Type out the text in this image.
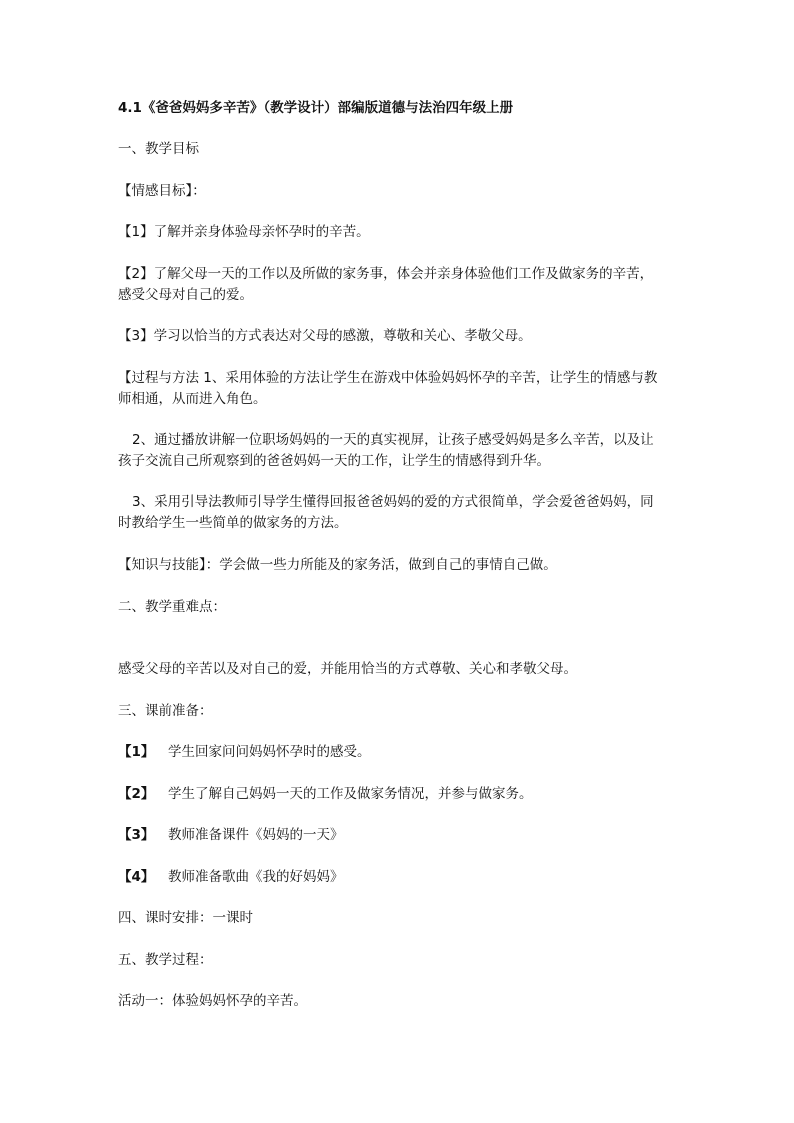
4.1《爸爸妈妈多辛苦》（教学设计）部编版道德与法治四年级上册
一、教学目标
【情感目标】：
【1】了解并亲身体验母亲怀孕时的辛苦。
【2】了解父母一天的工作以及所做的家务事，体会并亲身体验他们工作及做家务的辛苦，
感受父母对自己的爱。
【3】学习以恰当的方式表达对父母的感激，尊敬和关心、孝敬父母。
【过程与方法 1、采用体验的方法让学生在游戏中体验妈妈怀孕的辛苦，让学生的情感与教
师相通，从而进入角色。
2、通过播放讲解一位职场妈妈的一天的真实视屏，让孩子感受妈妈是多么辛苦，以及让
孩子交流自己所观察到的爸爸妈妈一天的工作，让学生的情感得到升华。
3、采用引导法教师引导学生懂得回报爸爸妈妈的爱的方式很简单，学会爱爸爸妈妈，同
时教给学生一些简单的做家务的方法。
【知识与技能】：学会做一些力所能及的家务活，做到自己的事情自己做。
二、教学重难点：
感受父母的辛苦以及对自己的爱，并能用恰当的方式尊敬、关心和孝敬父母。
三、课前准备：
【1】 学生回家问问妈妈怀孕时的感受。
【2】 学生了解自己妈妈一天的工作及做家务情况，并参与做家务。
【3】 教师准备课件《妈妈的一天》
【4】 教师准备歌曲《我的好妈妈》
四、课时安排：一课时
五、教学过程：
活动一：体验妈妈怀孕的辛苦。
